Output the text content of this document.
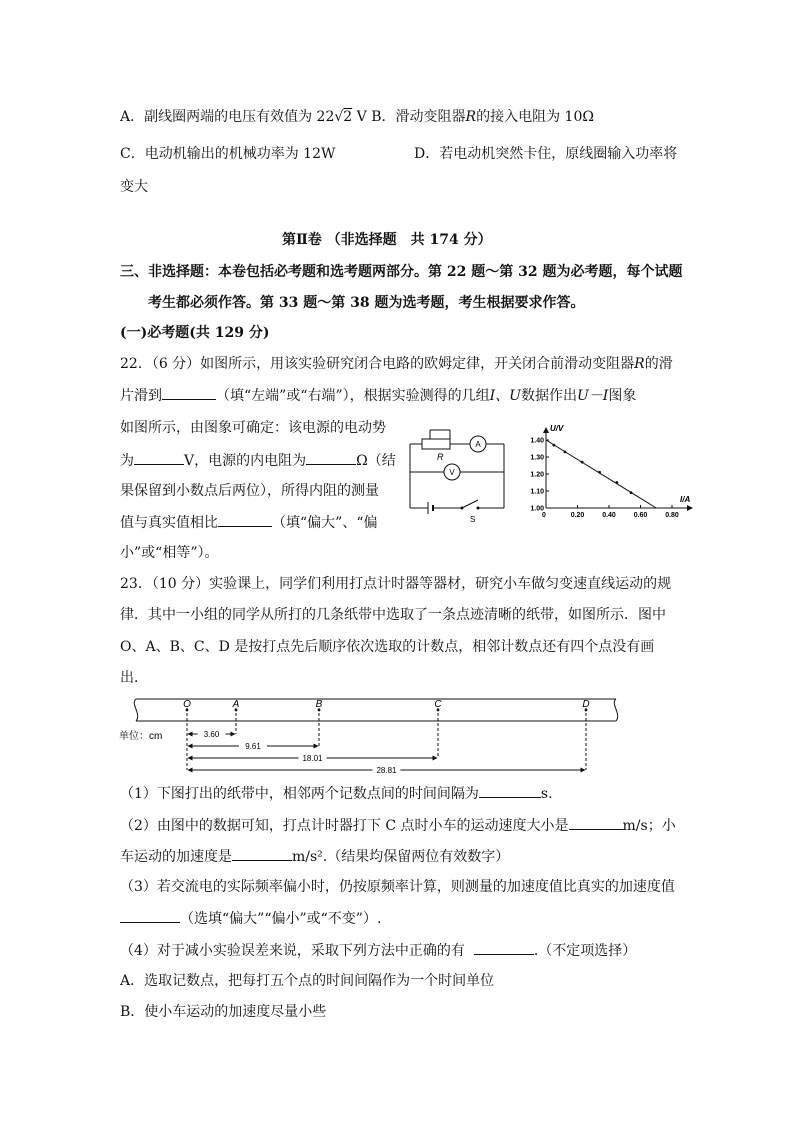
A．副线圈两端的电压有效值为 22√2 V B．滑动变阻器R的接入电阻为 10Ω
C．电动机输出的机械功率为 12W	D．若电动机突然卡住，原线圈输入功率将
变大
第Ⅱ卷 （非选择题　共 174 分）
三、非选择题：本卷包括必考题和选考题两部分。第 22 题～第 32 题为必考题，每个试题
考生都必须作答。第 33 题～第 38 题为选考题，考生根据要求作答。
(一)必考题(共 129 分)
22．（6 分）如图所示，用该实验研究闭合电路的欧姆定律，开关闭合前滑动变阻器R的滑
片滑到	（填“左端”或“右端”），根据实验测得的几组I、U数据作出U－I图象
如图所示，由图象可确定：该电源的电动势
为	V，电源的内电阻为	Ω（结
果保留到小数点后两位），所得内阻的测量
值与真实值相比	（填“偏大”、“偏
小”或“相等”）。
R
A
V
S
1.00
1.10
1.20
1.30
1.40
0.20	0.40	0.60	0.80
U/V
I/A
0
23．（10 分）实验课上，同学们利用打点计时器等器材，研究小车做匀变速直线运动的规
律．其中一小组的同学从所打的几条纸带中选取了一条点迹清晰的纸带，如图所示．图中
O、A、B、C、D 是按打点先后顺序依次选取的计数点，相邻计数点还有四个点没有画
出．
O	A	B	C	D
3.60
9.61
18.01
28.81
单位：cm
（1）下图打出的纸带中，相邻两个记数点间的时间间隔为	s.
（2）由图中的数据可知，打点计时器打下 C 点时小车的运动速度大小是	m/s；小
车运动的加速度是	m/s².（结果均保留两位有效数字）
（3）若交流电的实际频率偏小时，仍按原频率计算，则测量的加速度值比真实的加速度值
（选填“偏大”“偏小”或“不变”）.
（4）对于减小实验误差来说，采取下列方法中正确的有	.（不定项选择）
A．选取记数点，把每打五个点的时间间隔作为一个时间单位
B．使小车运动的加速度尽量小些
